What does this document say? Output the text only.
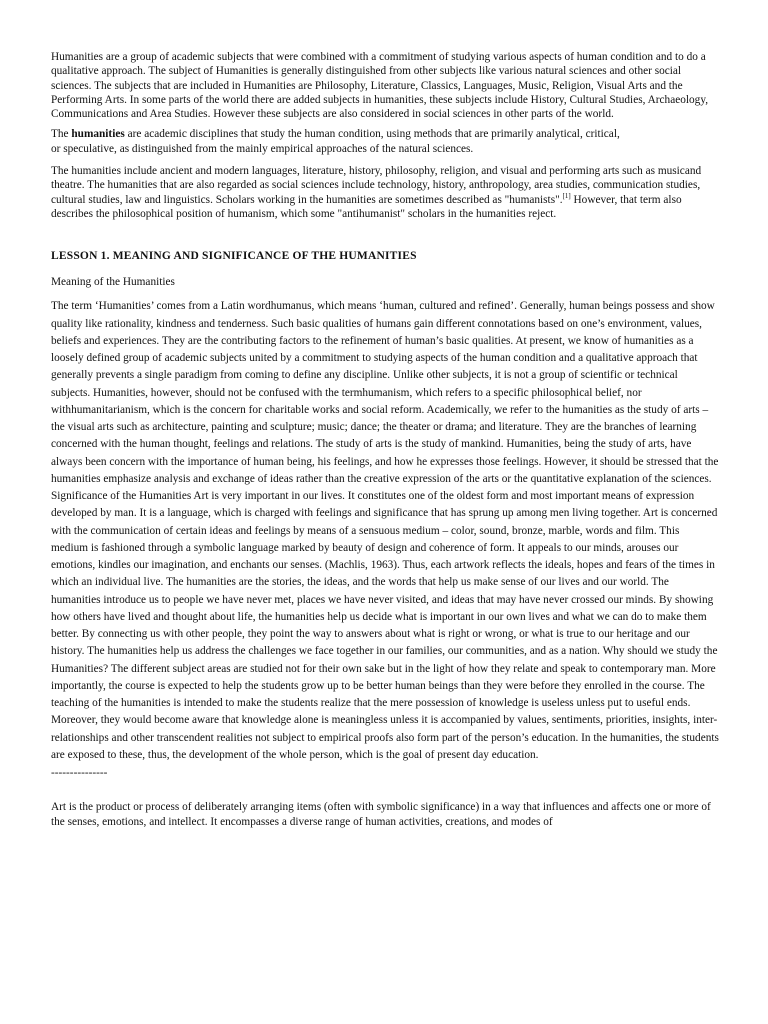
Humanities are a group of academic subjects that were combined with a commitment of studying various aspects of human condition and to do a qualitative approach. The subject of Humanities is generally distinguished from other subjects like various natural sciences and other social sciences. The subjects that are included in Humanities are Philosophy, Literature, Classics, Languages, Music, Religion, Visual Arts and the Performing Arts. In some parts of the world there are added subjects in humanities, these subjects include History, Cultural Studies, Archaeology, Communications and Area Studies. However these subjects are also considered in social sciences in other parts of the world.

The humanities are academic disciplines that study the human condition, using methods that are primarily analytical, critical,
or speculative, as distinguished from the mainly empirical approaches of the natural sciences.

The humanities include ancient and modern languages, literature, history, philosophy, religion, and visual and performing arts such as musicand theatre. The humanities that are also regarded as social sciences include technology, history, anthropology, area studies, communication studies, cultural studies, law and linguistics. Scholars working in the humanities are sometimes described as "humanists".[1] However, that term also describes the philosophical position of humanism, which some "antihumanist" scholars in the humanities reject.

LESSON 1. MEANING AND SIGNIFICANCE OF THE HUMANITIES

Meaning of the Humanities

The term ‘Humanities’ comes from a Latin wordhumanus, which means ‘human, cultured and refined’. Generally, human beings possess and show quality like rationality, kindness and tenderness. Such basic qualities of humans gain different connotations based on one’s environment, values, beliefs and experiences. They are the contributing factors to the refinement of human’s basic qualities. At present, we know of humanities as a loosely defined group of academic subjects united by a commitment to studying aspects of the human condition and a qualitative approach that generally prevents a single paradigm from coming to define any discipline. Unlike other subjects, it is not a group of scientific or technical subjects. Humanities, however, should not be confused with the termhumanism, which refers to a specific philosophical belief, nor withhumanitarianism, which is the concern for charitable works and social reform. Academically, we refer to the humanities as the study of arts – the visual arts such as architecture, painting and sculpture; music; dance; the theater or drama; and literature. They are the branches of learning concerned with the human thought, feelings and relations. The study of arts is the study of mankind. Humanities, being the study of arts, have always been concern with the importance of human being, his feelings, and how he expresses those feelings. However, it should be stressed that the humanities emphasize analysis and exchange of ideas rather than the creative expression of the arts or the quantitative explanation of the sciences. Significance of the Humanities Art is very important in our lives. It constitutes one of the oldest form and most important means of expression developed by man. It is a language, which is charged with feelings and significance that has sprung up among men living together. Art is concerned with the communication of certain ideas and feelings by means of a sensuous medium – color, sound, bronze, marble, words and film. This medium is fashioned through a symbolic language marked by beauty of design and coherence of form. It appeals to our minds, arouses our emotions, kindles our imagination, and enchants our senses. (Machlis, 1963). Thus, each artwork reflects the ideals, hopes and fears of the times in which an individual live. The humanities are the stories, the ideas, and the words that help us make sense of our lives and our world. The humanities introduce us to people we have never met, places we have never visited, and ideas that may have never crossed our minds. By showing how others have lived and thought about life, the humanities help us decide what is important in our own lives and what we can do to make them better. By connecting us with other people, they point the way to answers about what is right or wrong, or what is true to our heritage and our history. The humanities help us address the challenges we face together in our families, our communities, and as a nation. Why should we study the Humanities? The different subject areas are studied not for their own sake but in the light of how they relate and speak to contemporary man. More importantly, the course is expected to help the students grow up to be better human beings than they were before they enrolled in the course. The teaching of the humanities is intended to make the students realize that the mere possession of knowledge is useless unless put to useful ends. Moreover, they would become aware that knowledge alone is meaningless unless it is accompanied by values, sentiments, priorities, insights, inter-relationships and other transcendent realities not subject to empirical proofs also form part of the person’s education. In the humanities, the students are exposed to these, thus, the development of the whole person, which is the goal of present day education.

---------------

Art is the product or process of deliberately arranging items (often with symbolic significance) in a way that influences and affects one or more of the senses, emotions, and intellect. It encompasses a diverse range of human activities, creations, and modes of
